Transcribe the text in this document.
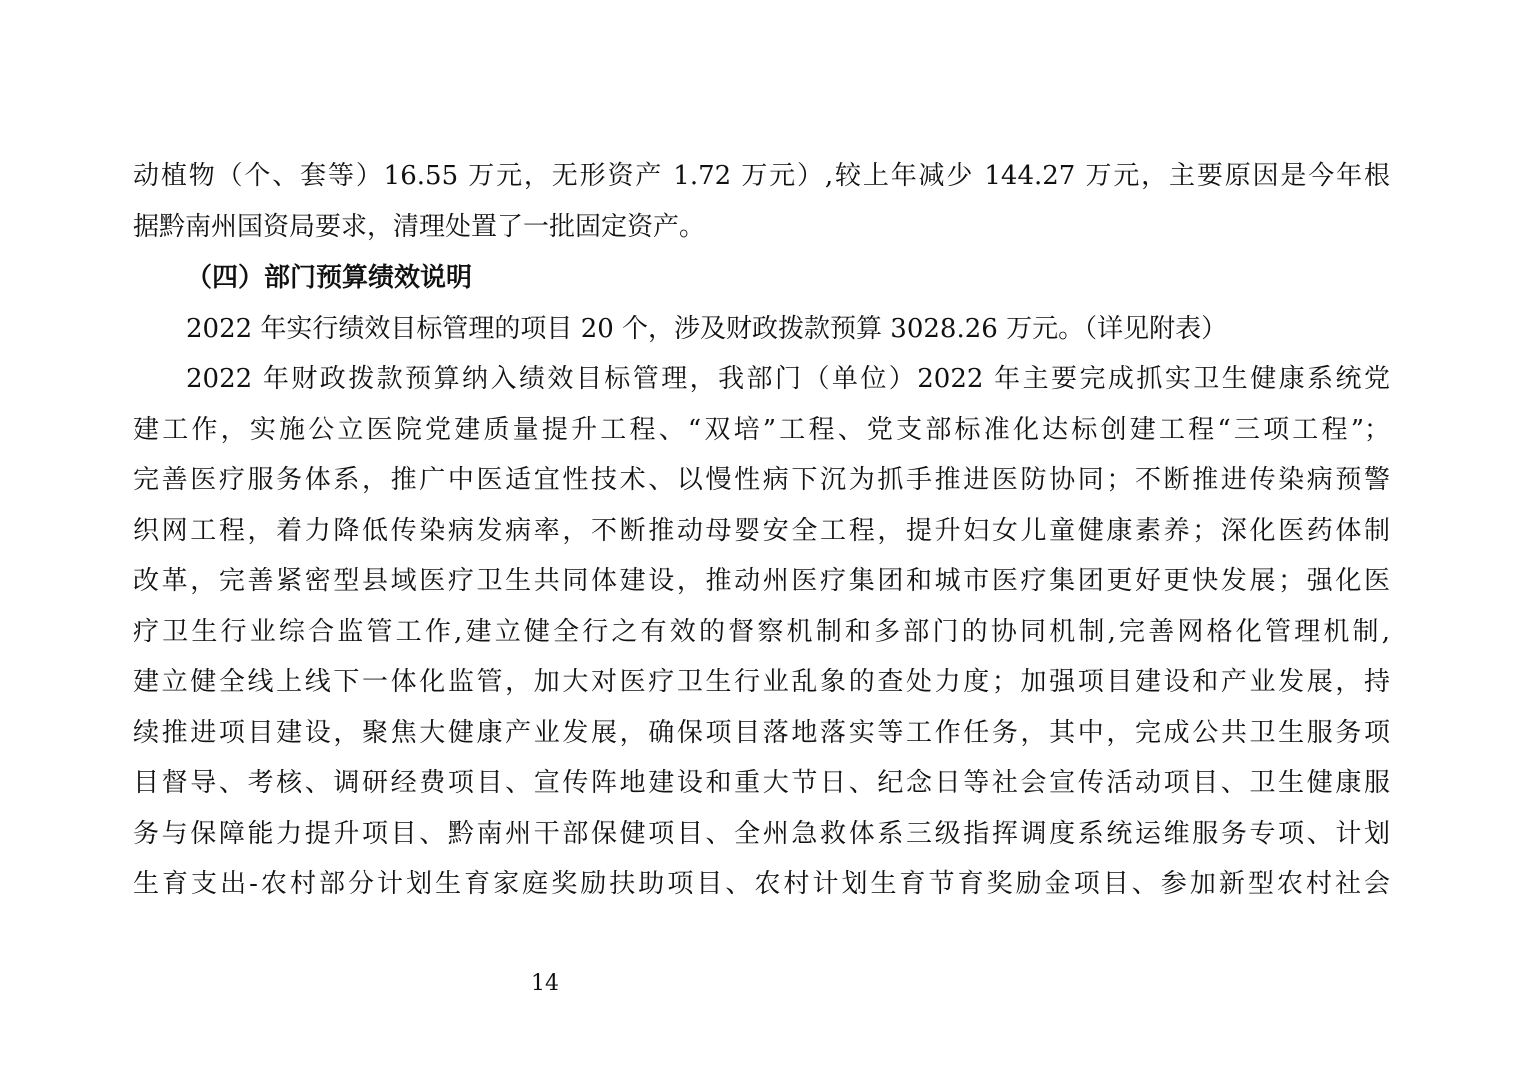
动植物（个、套等）16.55 万元，无形资产 1.72 万元）,较上年减少 144.27 万元，主要原因是今年根
据黔南州国资局要求，清理处置了一批固定资产。
（四）部门预算绩效说明
2022 年实行绩效目标管理的项目 20 个，涉及财政拨款预算 3028.26 万元。（详见附表）
2022 年财政拨款预算纳入绩效目标管理，我部门（单位）2022 年主要完成抓实卫生健康系统党
建工作，实施公立医院党建质量提升工程、“双培”工程、党支部标准化达标创建工程“三项工程”；
完善医疗服务体系，推广中医适宜性技术、以慢性病下沉为抓手推进医防协同；不断推进传染病预警
织网工程，着力降低传染病发病率，不断推动母婴安全工程，提升妇女儿童健康素养；深化医药体制
改革，完善紧密型县域医疗卫生共同体建设，推动州医疗集团和城市医疗集团更好更快发展；强化医
疗卫生行业综合监管工作,建立健全行之有效的督察机制和多部门的协同机制,完善网格化管理机制,
建立健全线上线下一体化监管，加大对医疗卫生行业乱象的查处力度；加强项目建设和产业发展，持
续推进项目建设，聚焦大健康产业发展，确保项目落地落实等工作任务，其中，完成公共卫生服务项
目督导、考核、调研经费项目、宣传阵地建设和重大节日、纪念日等社会宣传活动项目、卫生健康服
务与保障能力提升项目、黔南州干部保健项目、全州急救体系三级指挥调度系统运维服务专项、计划
生育支出-农村部分计划生育家庭奖励扶助项目、农村计划生育节育奖励金项目、参加新型农村社会
14
